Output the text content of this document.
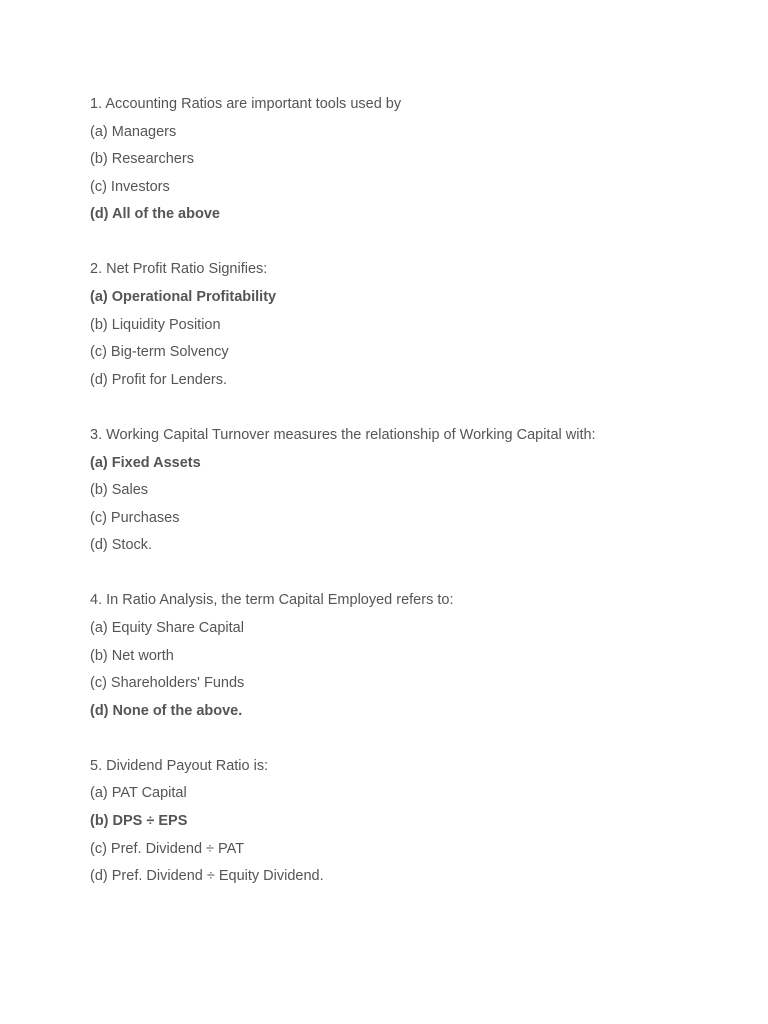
1. Accounting Ratios are important tools used by
(a) Managers
(b) Researchers
(c) Investors
(d) All of the above
2. Net Profit Ratio Signifies:
(a) Operational Profitability
(b) Liquidity Position
(c) Big-term Solvency
(d) Profit for Lenders.
3. Working Capital Turnover measures the relationship of Working Capital with:
(a) Fixed Assets
(b) Sales
(c) Purchases
(d) Stock.
4. In Ratio Analysis, the term Capital Employed refers to:
(a) Equity Share Capital
(b) Net worth
(c) Shareholders' Funds
(d) None of the above.
5. Dividend Payout Ratio is:
(a) PAT Capital
(b) DPS ÷ EPS
(c) Pref. Dividend ÷ PAT
(d) Pref. Dividend ÷ Equity Dividend.
